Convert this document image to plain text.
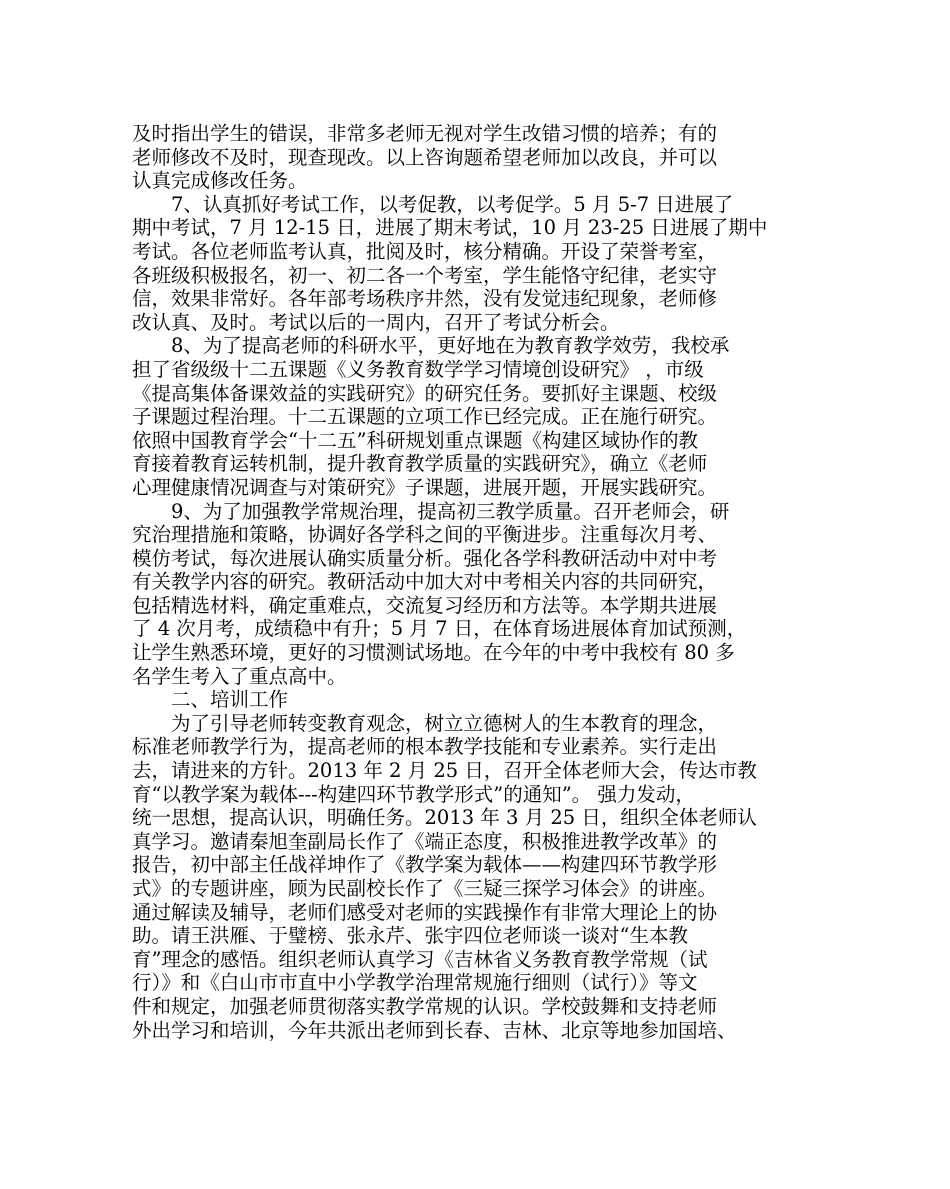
及时指出学生的错误，非常多老师无视对学生改错习惯的培养；有的
老师修改不及时，现查现改。以上咨询题希望老师加以改良，并可以
认真完成修改任务。
　　7、认真抓好考试工作，以考促教，以考促学。5 月 5-7 日进展了
期中考试，7 月 12-15 日，进展了期末考试，10 月 23-25 日进展了期中
考试。各位老师监考认真，批阅及时，核分精确。开设了荣誉考室，
各班级积极报名，初一、初二各一个考室，学生能恪守纪律，老实守
信，效果非常好。各年部考场秩序井然，没有发觉违纪现象，老师修
改认真、及时。考试以后的一周内，召开了考试分析会。
　　8、为了提高老师的科研水平，更好地在为教育教学效劳，我校承
担了省级级十二五课题《义务教育数学学习情境创设研究》 ，市级
《提高集体备课效益的实践研究》的研究任务。要抓好主课题、校级
子课题过程治理。十二五课题的立项工作已经完成。正在施行研究。
依照中国教育学会“十二五”科研规划重点课题《构建区域协作的教
育接着教育运转机制，提升教育教学质量的实践研究》，确立《老师
心理健康情况调查与对策研究》子课题，进展开题，开展实践研究。
　　9、为了加强教学常规治理，提高初三教学质量。召开老师会，研
究治理措施和策略，协调好各学科之间的平衡进步。注重每次月考、
模仿考试，每次进展认确实质量分析。强化各学科教研活动中对中考
有关教学内容的研究。教研活动中加大对中考相关内容的共同研究，
包括精选材料，确定重难点，交流复习经历和方法等。本学期共进展
了 4 次月考，成绩稳中有升；5 月 7 日，在体育场进展体育加试预测，
让学生熟悉环境，更好的习惯测试场地。在今年的中考中我校有 80 多
名学生考入了重点高中。
　　二、培训工作
　　为了引导老师转变教育观念，树立立德树人的生本教育的理念，
标准老师教学行为，提高老师的根本教学技能和专业素养。实行走出
去，请进来的方针。2013 年 2 月 25 日，召开全体老师大会，传达市教
育“以教学案为载体---构建四环节教学形式”的通知”。 强力发动，
统一思想，提高认识，明确任务。2013 年 3 月 25 日，组织全体老师认
真学习。邀请秦旭奎副局长作了《端正态度，积极推进教学改革》的
报告，初中部主任战祥坤作了《教学案为载体——构建四环节教学形
式》的专题讲座，顾为民副校长作了《三疑三探学习体会》的讲座。
通过解读及辅导，老师们感受对老师的实践操作有非常大理论上的协
助。请王洪雁、于璧榜、张永芹、张宇四位老师谈一谈对“生本教
育”理念的感悟。组织老师认真学习《吉林省义务教育教学常规（试
行）》和《白山市市直中小学教学治理常规施行细则（试行）》等文
件和规定，加强老师贯彻落实教学常规的认识。学校鼓舞和支持老师
外出学习和培训，今年共派出老师到长春、吉林、北京等地参加国培、
